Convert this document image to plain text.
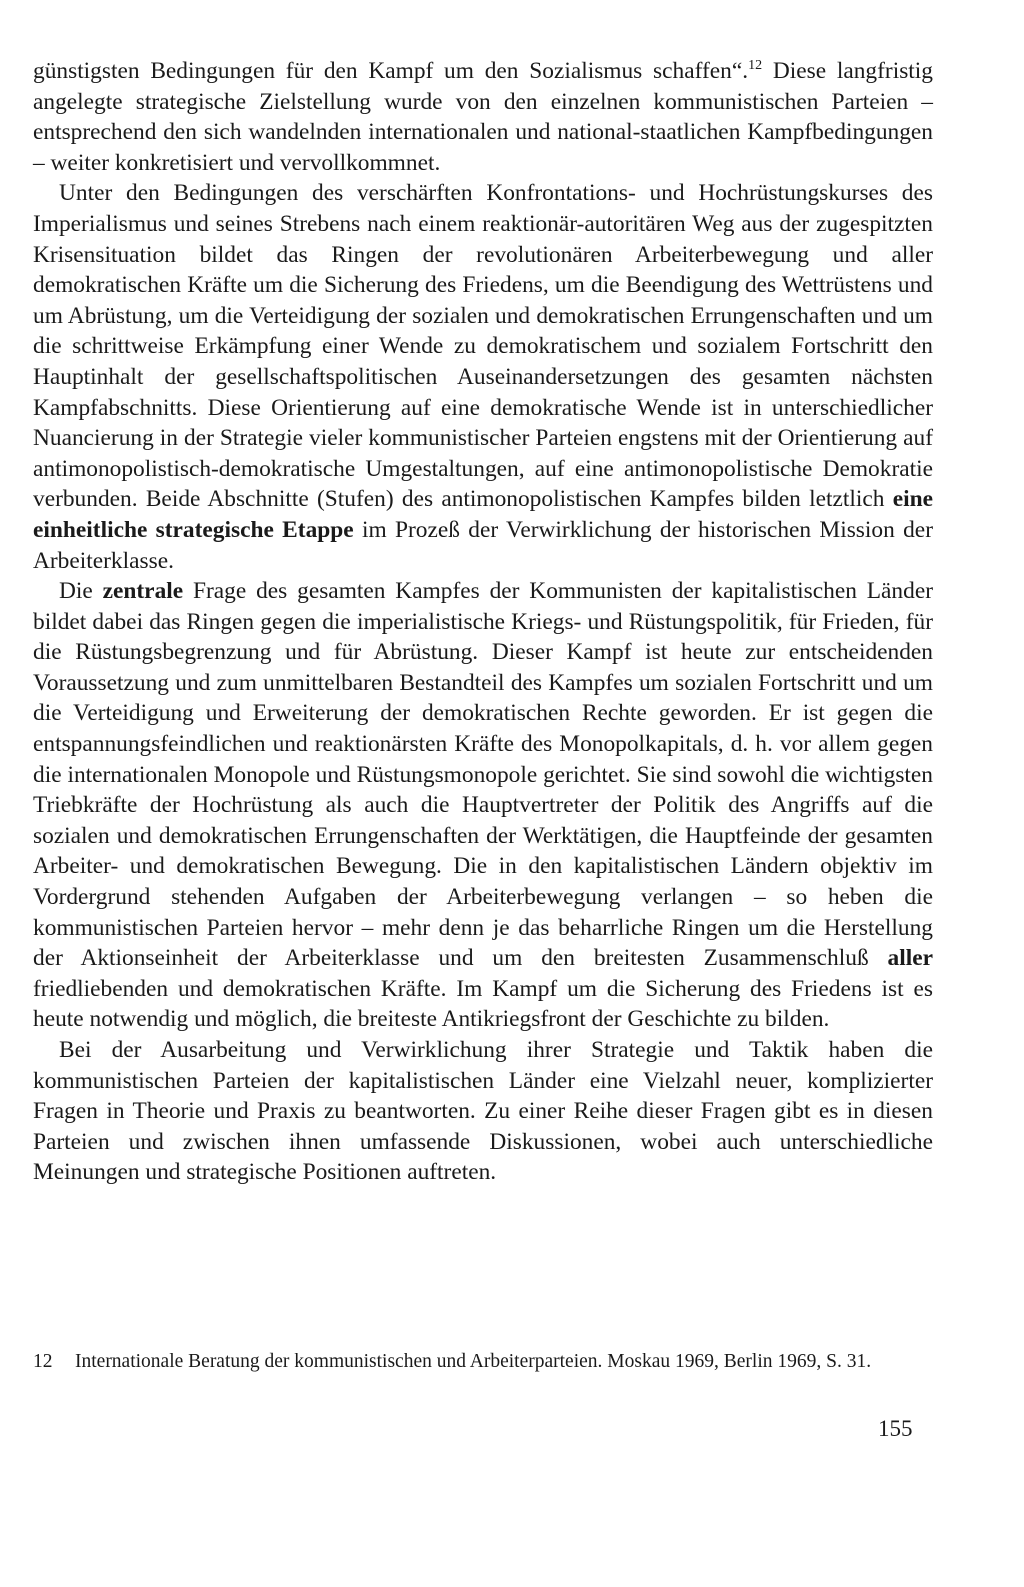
günstigsten Bedingungen für den Kampf um den Sozialismus schaffen“.$^{12}$ Diese langfristig angelegte strategische Zielstellung wurde von den einzelnen kommunistischen Parteien – entsprechend den sich wandelnden internationalen und national-staatlichen Kampfbedingungen – weiter konkretisiert und vervollkommnet.

Unter den Bedingungen des verschärften Konfrontations- und Hochrüstungskurses des Imperialismus und seines Strebens nach einem reaktionär-autoritären Weg aus der zugespitzten Krisensituation bildet das Ringen der revolutionären Arbeiterbewegung und aller demokratischen Kräfte um die Sicherung des Friedens, um die Beendigung des Wettrüstens und um Abrüstung, um die Verteidigung der sozialen und demokratischen Errungenschaften und um die schrittweise Erkämpfung einer Wende zu demokratischem und sozialem Fortschritt den Hauptinhalt der gesellschaftspolitischen Auseinandersetzungen des gesamten nächsten Kampfabschnitts. Diese Orientierung auf eine demokratische Wende ist in unterschiedlicher Nuancierung in der Strategie vieler kommunistischer Parteien engstens mit der Orientierung auf antimonopolistisch-demokratische Umgestaltungen, auf eine antimonopolistische Demokratie verbunden. Beide Abschnitte (Stufen) des antimonopolistischen Kampfes bilden letztlich eine einheitliche strategische Etappe im Prozeß der Verwirklichung der historischen Mission der Arbeiterklasse.

Die zentrale Frage des gesamten Kampfes der Kommunisten der kapitalistischen Länder bildet dabei das Ringen gegen die imperialistische Kriegs- und Rüstungspolitik, für Frieden, für die Rüstungsbegrenzung und für Abrüstung. Dieser Kampf ist heute zur entscheidenden Voraussetzung und zum unmittelbaren Bestandteil des Kampfes um sozialen Fortschritt und um die Verteidigung und Erweiterung der demokratischen Rechte geworden. Er ist gegen die entspannungsfeindlichen und reaktionärsten Kräfte des Monopolkapitals, d. h. vor allem gegen die internationalen Monopole und Rüstungsmonopole gerichtet. Sie sind sowohl die wichtigsten Triebkräfte der Hochrüstung als auch die Hauptvertreter der Politik des Angriffs auf die sozialen und demokratischen Errungenschaften der Werktätigen, die Hauptfeinde der gesamten Arbeiter- und demokratischen Bewegung. Die in den kapitalistischen Ländern objektiv im Vordergrund stehenden Aufgaben der Arbeiterbewegung verlangen – so heben die kommunistischen Parteien hervor – mehr denn je das beharrliche Ringen um die Herstellung der Aktionseinheit der Arbeiterklasse und um den breitesten Zusammenschluß aller friedliebenden und demokratischen Kräfte. Im Kampf um die Sicherung des Friedens ist es heute notwendig und möglich, die breiteste Antikriegsfront der Geschichte zu bilden.

Bei der Ausarbeitung und Verwirklichung ihrer Strategie und Taktik haben die kommunistischen Parteien der kapitalistischen Länder eine Vielzahl neuer, komplizierter Fragen in Theorie und Praxis zu beantworten. Zu einer Reihe dieser Fragen gibt es in diesen Parteien und zwischen ihnen umfassende Diskussionen, wobei auch unterschiedliche Meinungen und strategische Positionen auftreten.

12 Internationale Beratung der kommunistischen und Arbeiterparteien. Moskau 1969, Berlin 1969, S. 31.

155
